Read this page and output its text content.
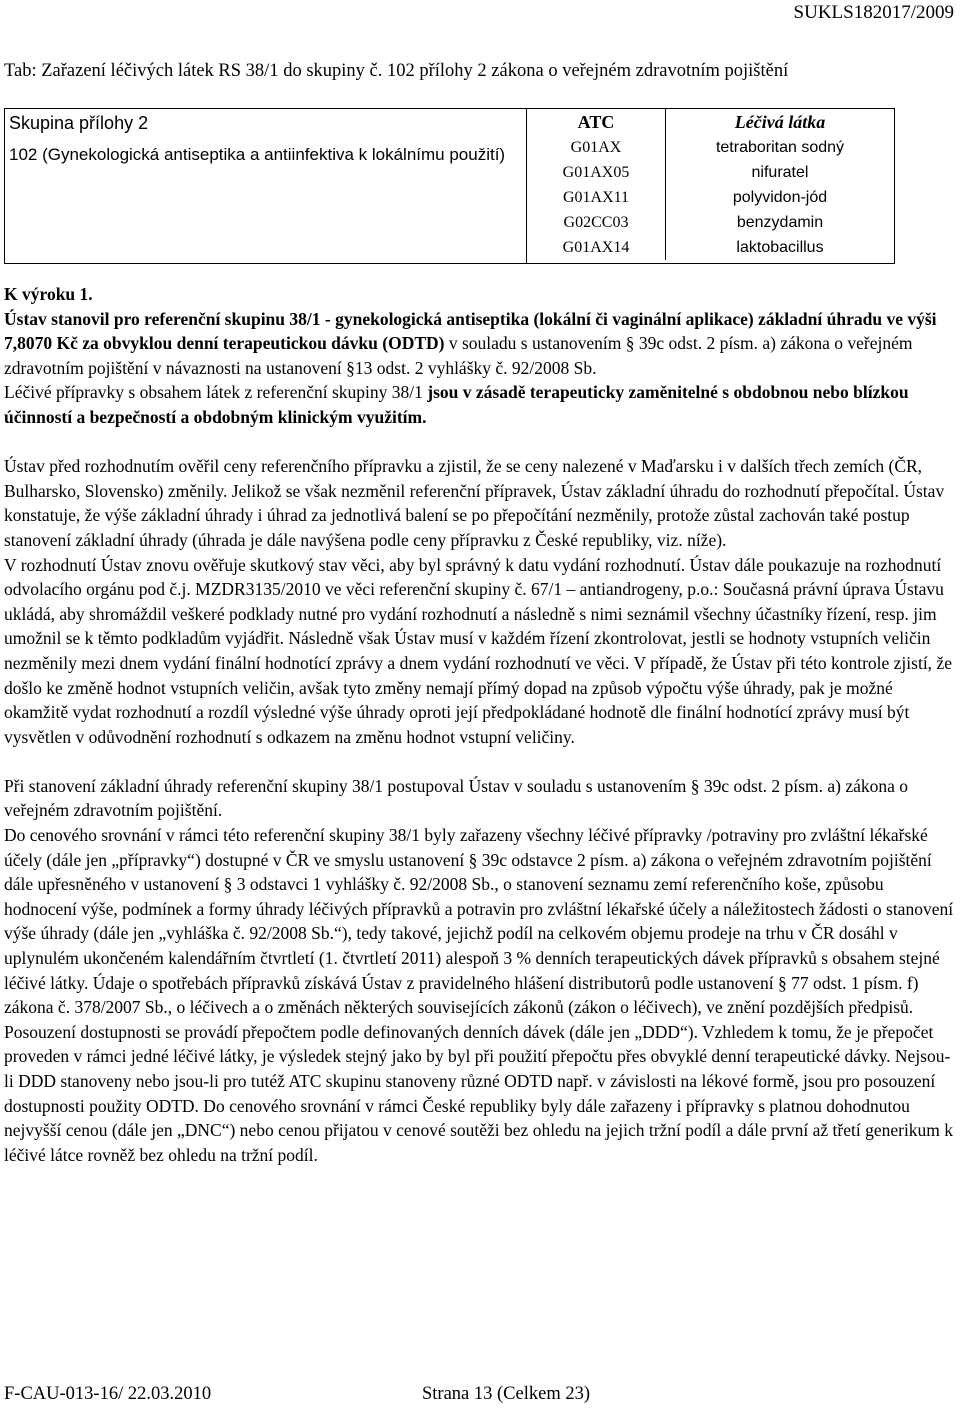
SUKLS182017/2009
Tab: Zařazení léčivých látek RS 38/1 do skupiny č. 102 přílohy 2 zákona o veřejném zdravotním pojištění
Skupina přílohy 2
102 (Gynekologická antiseptika a antiinfektiva k lokálnímu použití)

ATC	Léčivá látka
G01AX	tetraboritan sodný
G01AX05	nifuratel
G01AX11	polyvidon-jód
G02CC03	benzydamin
G01AX14	laktobacillus

K výroku 1.

Ústav stanovil pro referenční skupinu 38/1 - gynekologická antiseptika (lokální či vaginální aplikace) základní úhradu ve výši 7,8070 Kč za obvyklou denní terapeutickou dávku (ODTD) v souladu s ustanovením § 39c odst. 2 písm. a) zákona o veřejném zdravotním pojištění v návaznosti na ustanovení §13 odst. 2 vyhlášky č. 92/2008 Sb.

Léčivé přípravky s obsahem látek z referenční skupiny 38/1 jsou v zásadě terapeuticky zaměnitelné s obdobnou nebo blízkou účinností a bezpečností a obdobným klinickým využitím.

Ústav před rozhodnutím ověřil ceny referenčního přípravku a zjistil, že se ceny nalezené v Maďarsku i v dalších třech zemích (ČR, Bulharsko, Slovensko) změnily. Jelikož se však nezměnil referenční přípravek, Ústav základní úhradu do rozhodnutí přepočítal. Ústav konstatuje, že výše základní úhrady i úhrad za jednotlivá balení se po přepočítání nezměnily, protože zůstal zachován také postup stanovení základní úhrady (úhrada je dále navýšena podle ceny přípravku z České republiky, viz. níže).

V rozhodnutí Ústav znovu ověřuje skutkový stav věci, aby byl správný k datu vydání rozhodnutí. Ústav dále poukazuje na rozhodnutí odvolacího orgánu pod č.j. MZDR3135/2010 ve věci referenční skupiny č. 67/1 – antiandrogeny, p.o.: Současná právní úprava Ústavu ukládá, aby shromáždil veškeré podklady nutné pro vydání rozhodnutí a následně s nimi seznámil všechny účastníky řízení, resp. jim umožnil se k těmto podkladům vyjádřit. Následně však Ústav musí v každém řízení zkontrolovat, jestli se hodnoty vstupních veličin nezměnily mezi dnem vydání finální hodnotící zprávy a dnem vydání rozhodnutí ve věci. V případě, že Ústav při této kontrole zjistí, že došlo ke změně hodnot vstupních veličin, avšak tyto změny nemají přímý dopad na způsob výpočtu výše úhrady, pak je možné okamžitě vydat rozhodnutí a rozdíl výsledné výše úhrady oproti její předpokládané hodnotě dle finální hodnotící zprávy musí být vysvětlen v odůvodnění rozhodnutí s odkazem na změnu hodnot vstupní veličiny.

Při stanovení základní úhrady referenční skupiny 38/1 postupoval Ústav v souladu s ustanovením § 39c odst. 2 písm. a) zákona o veřejném zdravotním pojištění.

Do cenového srovnání v rámci této referenční skupiny 38/1 byly zařazeny všechny léčivé přípravky /potraviny pro zvláštní lékařské účely (dále jen „přípravky“) dostupné v ČR ve smyslu ustanovení § 39c odstavce 2 písm. a) zákona o veřejném zdravotním pojištění dále upřesněného v ustanovení § 3 odstavci 1 vyhlášky č. 92/2008 Sb., o stanovení seznamu zemí referenčního koše, způsobu hodnocení výše, podmínek a formy úhrady léčivých přípravků a potravin pro zvláštní lékařské účely a náležitostech žádosti o stanovení výše úhrady (dále jen „vyhláška č. 92/2008 Sb.“), tedy takové, jejichž podíl na celkovém objemu prodeje na trhu v ČR dosáhl v uplynulém ukončeném kalendářním čtvrtletí (1. čtvrtletí 2011) alespoň 3 % denních terapeutických dávek přípravků s obsahem stejné léčivé látky. Údaje o spotřebách přípravků získává Ústav z pravidelného hlášení distributorů podle ustanovení § 77 odst. 1 písm. f) zákona č. 378/2007 Sb., o léčivech a o změnách některých souvisejících zákonů (zákon o léčivech), ve znění pozdějších předpisů. Posouzení dostupnosti se provádí přepočtem podle definovaných denních dávek (dále jen „DDD“). Vzhledem k tomu, že je přepočet proveden v rámci jedné léčivé látky, je výsledek stejný jako by byl při použití přepočtu přes obvyklé denní terapeutické dávky. Nejsou-li DDD stanoveny nebo jsou-li pro tutéž ATC skupinu stanoveny různé ODTD např. v závislosti na lékové formě, jsou pro posouzení dostupnosti použity ODTD. Do cenového srovnání v rámci České republiky byly dále zařazeny i přípravky s platnou dohodnutou nejvyšší cenou (dále jen „DNC“) nebo cenou přijatou v cenové soutěži bez ohledu na jejich tržní podíl a dále první až třetí generikum k léčivé látce rovněž bez ohledu na tržní podíl.

F-CAU-013-16/ 22.03.2010	Strana 13 (Celkem 23)
